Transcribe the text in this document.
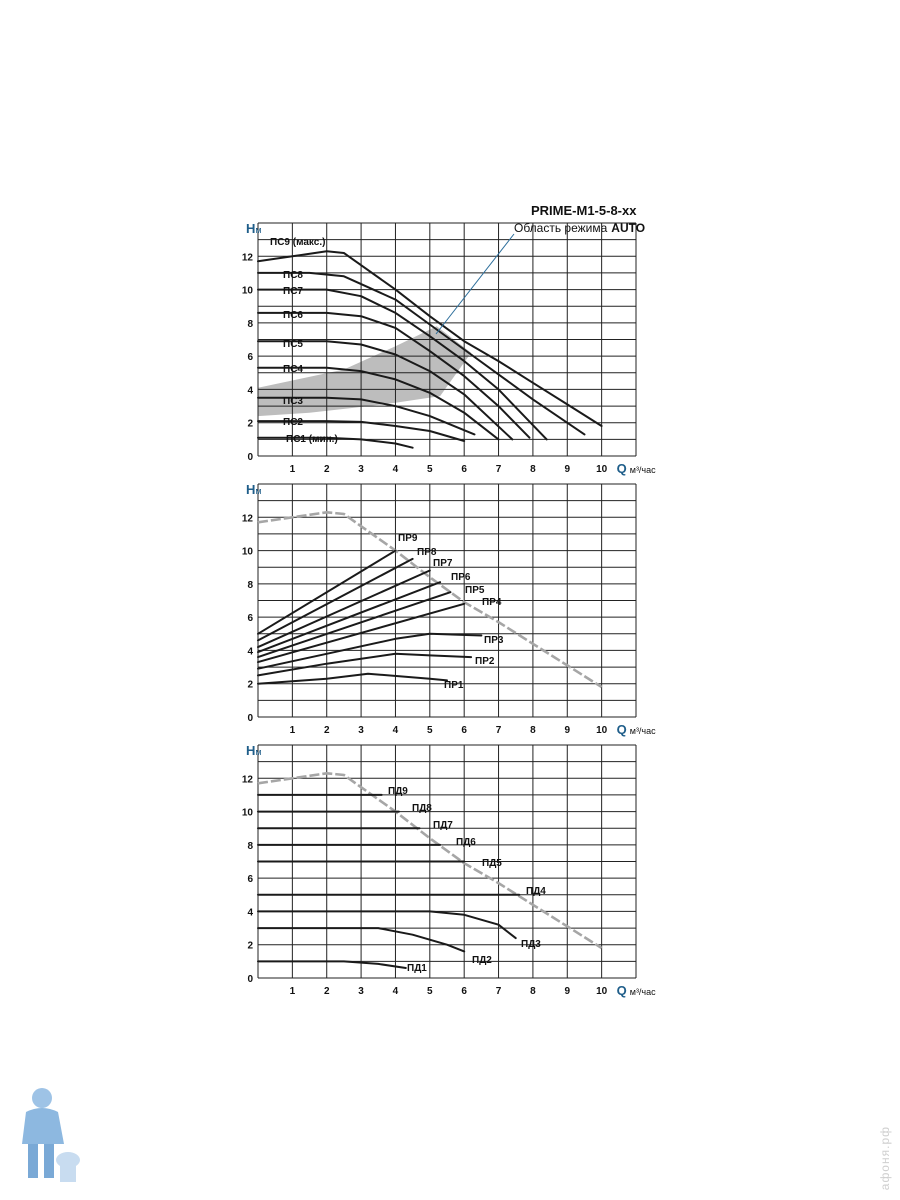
PRIME-M1-5-8-xx
Область режима AUTO
ПС9 (макс.)
ПС8
ПС7
ПС6
ПС5
ПС4
ПС3
ПС2
ПС1 (мин.)
0
2
4
6
8
10
12
1	2	3	4	5	6	7	8	9	10
Hм
Q м³/час
ПР9
ПР8
ПР7
ПР6
ПР5
ПР4
ПР3
ПР2
ПР1
0
2
4
6
8
10
12
1	2	3	4	5	6	7	8	9	10
Hм
Q м³/час
ПД9
ПД8
ПД7
ПД6
ПД5
ПД4
ПД3
ПД2
ПД1
0
2
4
6
8
10
12
1	2	3	4	5	6	7	8	9	10
Hм
Q м³/час
афоня.рф
